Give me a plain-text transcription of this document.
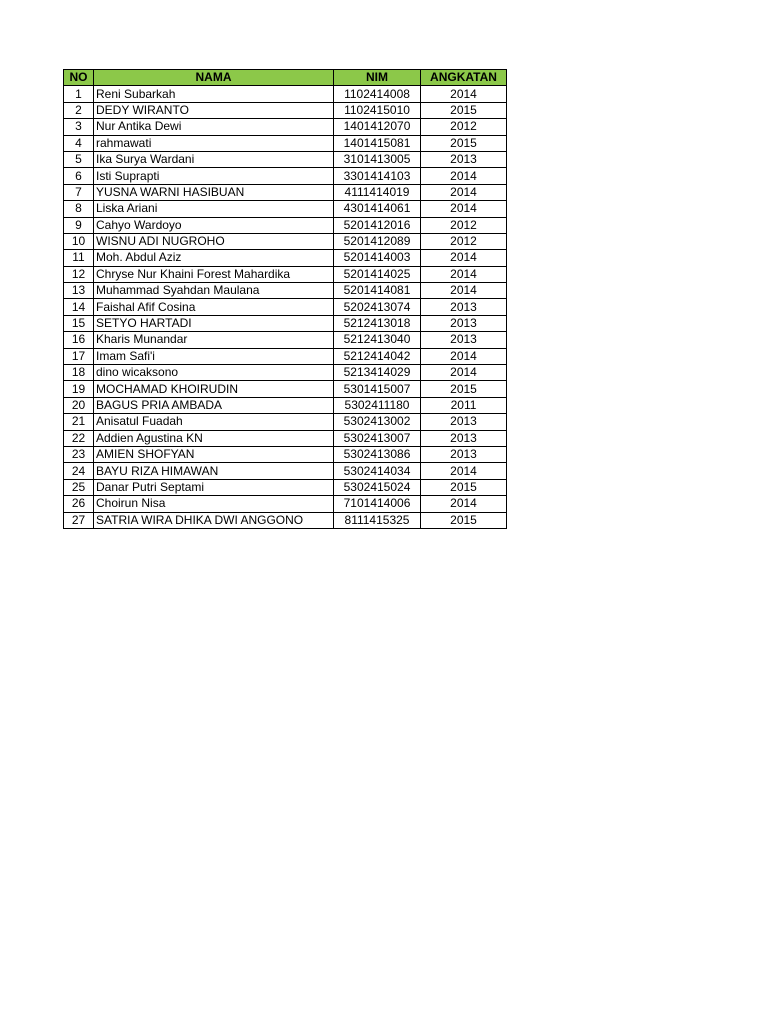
NO	NAMA	NIM	ANGKATAN
1	Reni Subarkah	1102414008	2014
2	DEDY WIRANTO	1102415010	2015
3	Nur Antika Dewi	1401412070	2012
4	rahmawati	1401415081	2015
5	Ika Surya Wardani	3101413005	2013
6	Isti Suprapti	3301414103	2014
7	YUSNA WARNI HASIBUAN	4111414019	2014
8	Liska Ariani	4301414061	2014
9	Cahyo Wardoyo	5201412016	2012
10	WISNU ADI NUGROHO	5201412089	2012
11	Moh. Abdul Aziz	5201414003	2014
12	Chryse Nur Khaini Forest Mahardika	5201414025	2014
13	Muhammad Syahdan Maulana	5201414081	2014
14	Faishal Afif Cosina	5202413074	2013
15	SETYO HARTADI	5212413018	2013
16	Kharis Munandar	5212413040	2013
17	Imam Safi'i	5212414042	2014
18	dino wicaksono	5213414029	2014
19	MOCHAMAD KHOIRUDIN	5301415007	2015
20	BAGUS PRIA AMBADA	5302411180	2011
21	Anisatul Fuadah	5302413002	2013
22	Addien Agustina KN	5302413007	2013
23	AMIEN SHOFYAN	5302413086	2013
24	BAYU RIZA HIMAWAN	5302414034	2014
25	Danar Putri Septami	5302415024	2015
26	Choirun Nisa	7101414006	2014
27	SATRIA WIRA DHIKA DWI ANGGONO	8111415325	2015
